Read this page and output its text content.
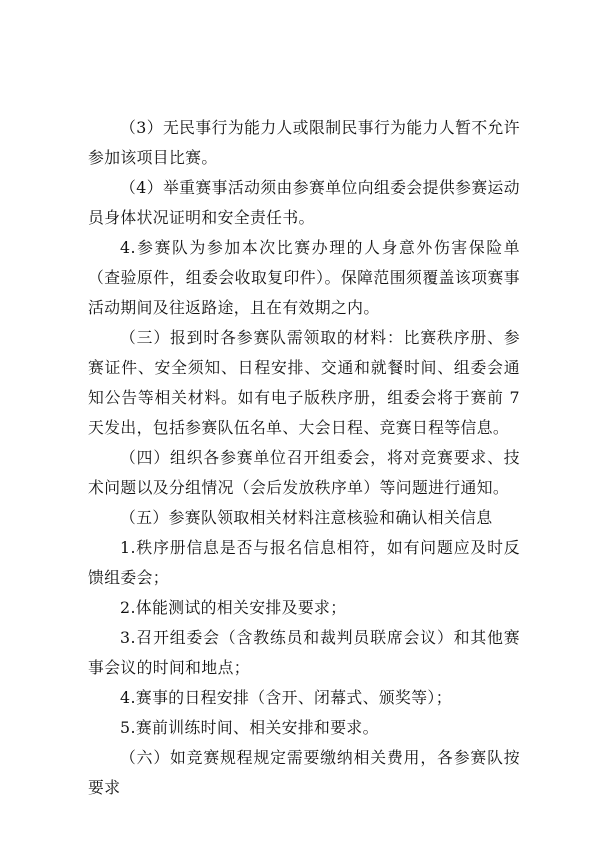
（3）无民事行为能力人或限制民事行为能力人暂不允许参加该项目比赛。

（4）举重赛事活动须由参赛单位向组委会提供参赛运动员身体状况证明和安全责任书。

4.参赛队为参加本次比赛办理的人身意外伤害保险单（查验原件，组委会收取复印件）。保障范围须覆盖该项赛事活动期间及往返路途，且在有效期之内。

（三）报到时各参赛队需领取的材料：比赛秩序册、参赛证件、安全须知、日程安排、交通和就餐时间、组委会通知公告等相关材料。如有电子版秩序册，组委会将于赛前 7 天发出，包括参赛队伍名单、大会日程、竞赛日程等信息。

（四）组织各参赛单位召开组委会，将对竞赛要求、技术问题以及分组情况（会后发放秩序单）等问题进行通知。

（五）参赛队领取相关材料注意核验和确认相关信息

1.秩序册信息是否与报名信息相符，如有问题应及时反馈组委会；

2.体能测试的相关安排及要求；

3.召开组委会（含教练员和裁判员联席会议）和其他赛事会议的时间和地点；

4.赛事的日程安排（含开、闭幕式、颁奖等）；

5.赛前训练时间、相关安排和要求。

（六）如竞赛规程规定需要缴纳相关费用，各参赛队按要求
